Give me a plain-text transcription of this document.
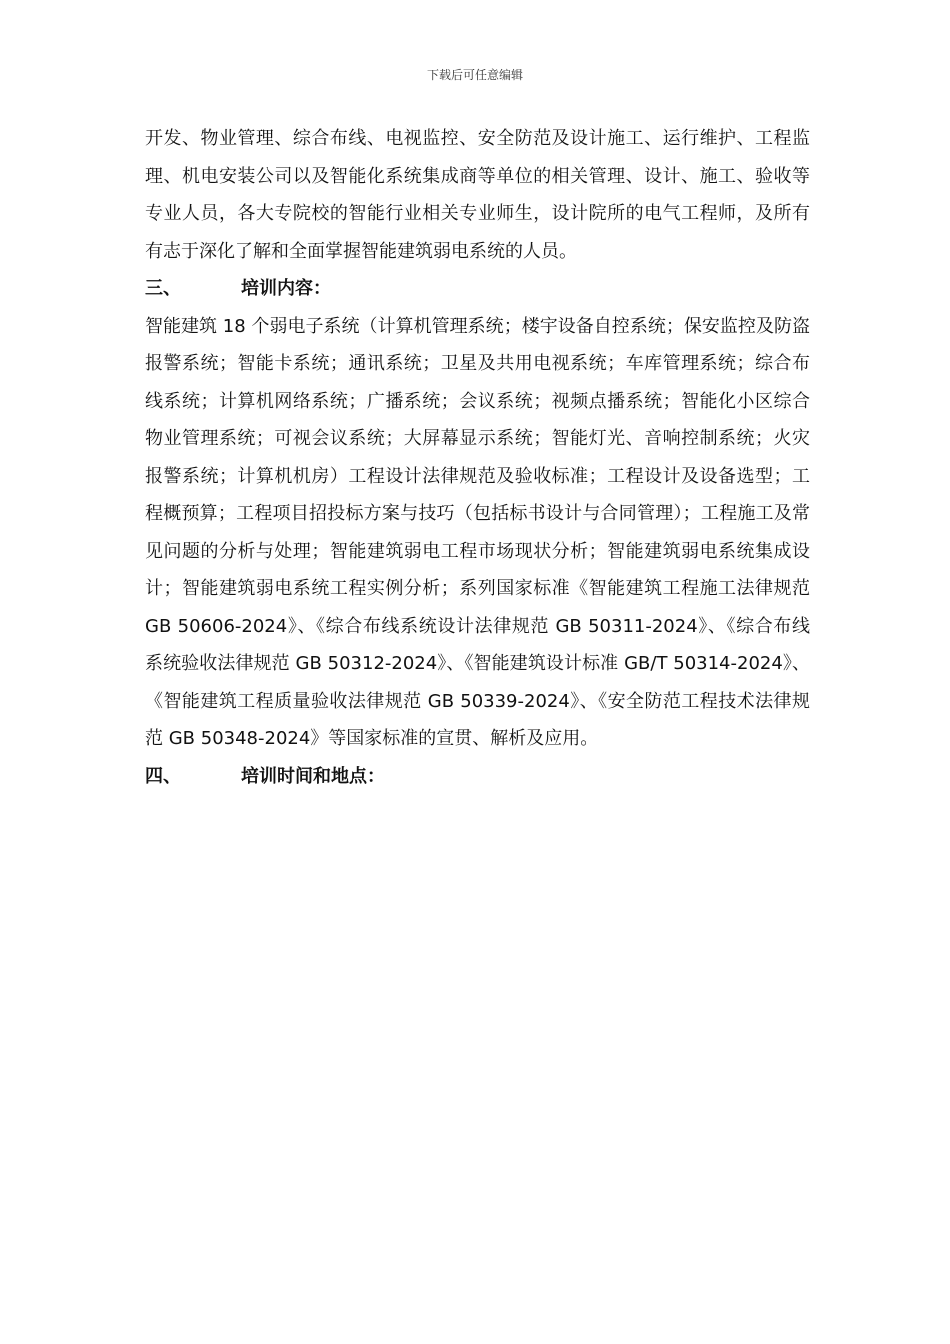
下载后可任意编辑

开发、物业管理、综合布线、电视监控、安全防范及设计施工、运行维护、工程监理、机电安装公司以及智能化系统集成商等单位的相关管理、设计、施工、验收等专业人员，各大专院校的智能行业相关专业师生，设计院所的电气工程师，及所有有志于深化了解和全面掌握智能建筑弱电系统的人员。

三、	培训内容：

智能建筑 18 个弱电子系统（计算机管理系统；楼宇设备自控系统；保安监控及防盗报警系统；智能卡系统；通讯系统；卫星及共用电视系统；车库管理系统；综合布线系统；计算机网络系统；广播系统；会议系统；视频点播系统；智能化小区综合物业管理系统；可视会议系统；大屏幕显示系统；智能灯光、音响控制系统；火灾报警系统；计算机机房）工程设计法律规范及验收标准；工程设计及设备选型；工程概预算；工程项目招投标方案与技巧（包括标书设计与合同管理）；工程施工及常见问题的分析与处理；智能建筑弱电工程市场现状分析；智能建筑弱电系统集成设计；智能建筑弱电系统工程实例分析；系列国家标准《智能建筑工程施工法律规范 GB 50606-2024》、《综合布线系统设计法律规范 GB 50311-2024》、《综合布线系统验收法律规范 GB 50312-2024》、《智能建筑设计标准 GB/T 50314-2024》、《智能建筑工程质量验收法律规范 GB 50339-2024》、《安全防范工程技术法律规范 GB 50348-2024》等国家标准的宣贯、解析及应用。

四、	培训时间和地点：
